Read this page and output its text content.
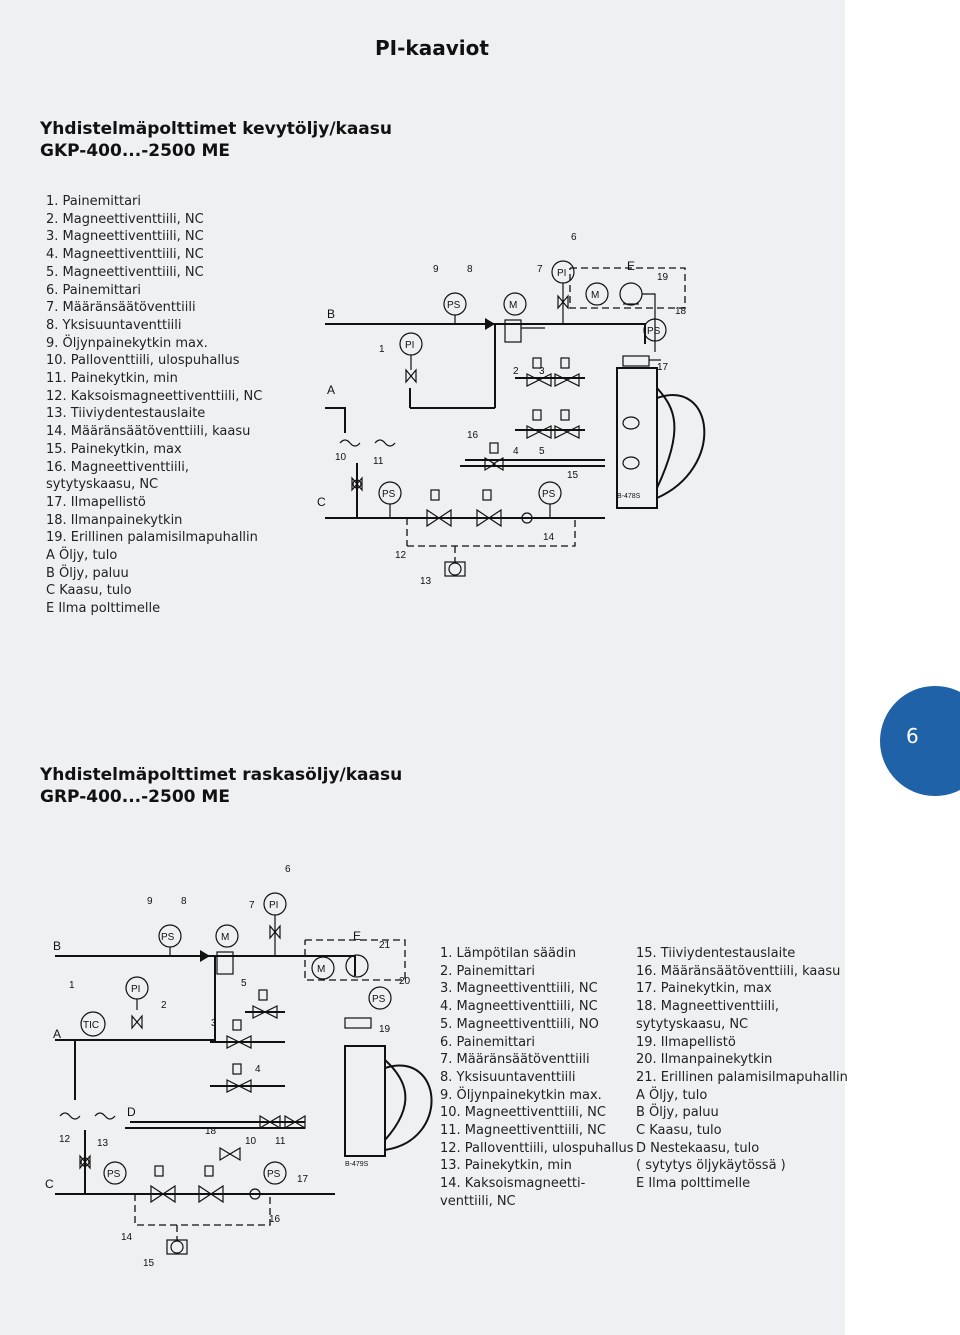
PI-kaaviot
Yhdistelmäpolttimet kevytöljy/kaasu
GKP-400...-2500 ME
1. Painemittari
2. Magneettiventtiili, NC
3. Magneettiventtiili, NC
4. Magneettiventtiili, NC
5. Magneettiventtiili, NC
6. Painemittari
7. Määränsäätöventtiili
8. Yksisuuntaventtiili
9. Öljynpainekytkin max.
10. Palloventtiili, ulospuhallus
11. Painekytkin, min
12. Kaksoismagneettiventtiili, NC
13. Tiiviydentestauslaite
14. Määränsäätöventtiili, kaasu
15. Painekytkin, max
16. Magneettiventtiili,
sytytyskaasu, NC
17. Ilmapellistö
18. Ilmanpainekytkin
19. Erillinen palamisilmapuhallin
A Öljy, tulo
B Öljy, paluu
C Kaasu, tulo
E Ilma polttimelle
B
A
C
E
PI
PI
PS
PS	PS
PS
M
M
B-478S
1
2 3
4 5
6
7
8
9
10	11
12
13
14
15
16
17
18
19
6
Yhdistelmäpolttimet raskasöljy/kaasu
GRP-400...-2500 ME
B
A
C
D
E
TIC
PI
PI
PS
PS	PS
PS
M
M
B-479S
1
2
3
4
5
6
7
8
9
10 11
12	13
14
15
16
17
18
19
20
21
1. Lämpötilan säädin
2. Painemittari
3. Magneettiventtiili, NC
4. Magneettiventtiili, NC
5. Magneettiventtiili, NO
6. Painemittari
7. Määränsäätöventtiili
8. Yksisuuntaventtiili
9. Öljynpainekytkin max.
10. Magneettiventtiili, NC
11. Magneettiventtiili, NC
12. Palloventtiili, ulospuhallus
13. Painekytkin, min
14. Kaksoismagneetti-
venttiili, NC
15. Tiiviydentestauslaite
16. Määränsäätöventtiili, kaasu
17. Painekytkin, max
18. Magneettiventtiili,
sytytyskaasu, NC
19. Ilmapellistö
20. Ilmanpainekytkin
21. Erillinen palamisilmapuhallin
A Öljy, tulo
B Öljy, paluu
C Kaasu, tulo
D Nestekaasu, tulo
( sytytys öljykäytössä )
E Ilma polttimelle
